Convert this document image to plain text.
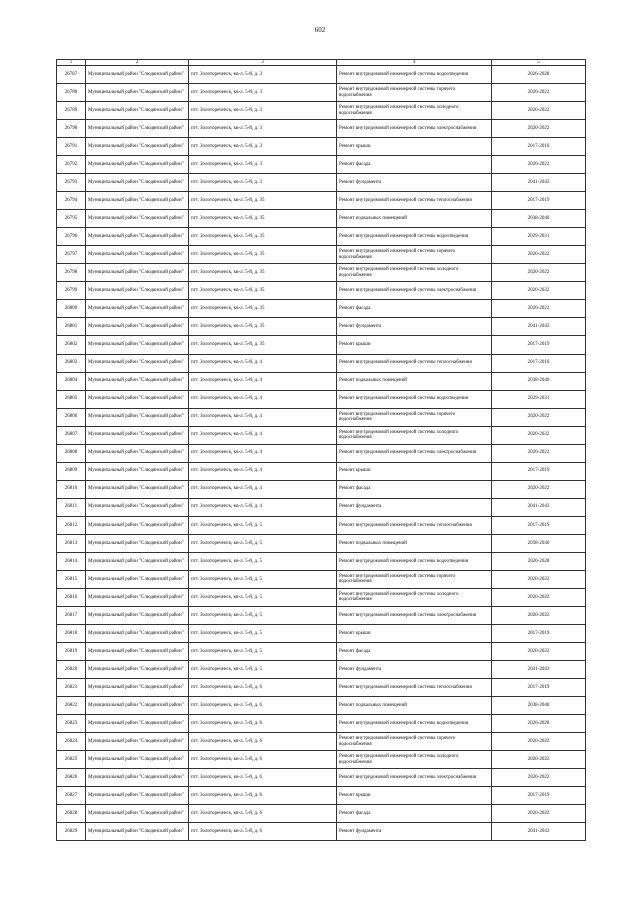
602
1	2	3	4	5
26787	Муниципальный район "Слюдянский район"	пгт. Золотореченск, кв-л. 5-й, д. 3	Ремонт внутридомовой инженерной системы водоотведения	2026-2028
26788	Муниципальный район "Слюдянский район"	пгт. Золотореченск, кв-л. 5-й, д. 3	Ремонт внутридомовой инженерной системы горячего водоснабжения	2020-2022
26789	Муниципальный район "Слюдянский район"	пгт. Золотореченск, кв-л. 5-й, д. 3	Ремонт внутридомовой инженерной системы холодного водоснабжения	2020-2022
26790	Муниципальный район "Слюдянский район"	пгт. Золотореченск, кв-л. 5-й, д. 3	Ремонт внутридомовой инженерной системы электроснабжения	2020-2022
26791	Муниципальный район "Слюдянский район"	пгт. Золотореченск, кв-л. 5-й, д. 3	Ремонт крыши	2017-2019
26792	Муниципальный район "Слюдянский район"	пгт. Золотореченск, кв-л. 5-й, д. 3	Ремонт фасада	2020-2022
26793	Муниципальный район "Слюдянский район"	пгт. Золотореченск, кв-л. 5-й, д. 3	Ремонт фундамента	2041-2043
26794	Муниципальный район "Слюдянский район"	пгт. Золотореченск, кв-л. 5-й, д. 35	Ремонт внутридомовой инженерной системы теплоснабжения	2017-2019
26795	Муниципальный район "Слюдянский район"	пгт. Золотореченск, кв-л. 5-й, д. 35	Ремонт подвальных помещений	2038-2040
26796	Муниципальный район "Слюдянский район"	пгт. Золотореченск, кв-л. 5-й, д. 35	Ремонт внутридомовой инженерной системы водоотведения	2029-2031
26797	Муниципальный район "Слюдянский район"	пгт. Золотореченск, кв-л. 5-й, д. 35	Ремонт внутридомовой инженерной системы горячего водоснабжения	2020-2022
26798	Муниципальный район "Слюдянский район"	пгт. Золотореченск, кв-л. 5-й, д. 35	Ремонт внутридомовой инженерной системы холодного водоснабжения	2020-2022
26799	Муниципальный район "Слюдянский район"	пгт. Золотореченск, кв-л. 5-й, д. 35	Ремонт внутридомовой инженерной системы электроснабжения	2020-2022
26800	Муниципальный район "Слюдянский район"	пгт. Золотореченск, кв-л. 5-й, д. 35	Ремонт фасада	2020-2022
26801	Муниципальный район "Слюдянский район"	пгт. Золотореченск, кв-л. 5-й, д. 35	Ремонт фундамента	2041-2043
26802	Муниципальный район "Слюдянский район"	пгт. Золотореченск, кв-л. 5-й, д. 35	Ремонт крыши	2017-2019
26803	Муниципальный район "Слюдянский район"	пгт. Золотореченск, кв-л. 5-й, д. 4	Ремонт внутридомовой инженерной системы теплоснабжения	2017-2019
26804	Муниципальный район "Слюдянский район"	пгт. Золотореченск, кв-л. 5-й, д. 4	Ремонт подвальных помещений	2038-2040
26805	Муниципальный район "Слюдянский район"	пгт. Золотореченск, кв-л. 5-й, д. 4	Ремонт внутридомовой инженерной системы водоотведения	2029-2031
26806	Муниципальный район "Слюдянский район"	пгт. Золотореченск, кв-л. 5-й, д. 4	Ремонт внутридомовой инженерной системы горячего водоснабжения	2020-2022
26807	Муниципальный район "Слюдянский район"	пгт. Золотореченск, кв-л. 5-й, д. 4	Ремонт внутридомовой инженерной системы холодного водоснабжения	2020-2022
26808	Муниципальный район "Слюдянский район"	пгт. Золотореченск, кв-л. 5-й, д. 4	Ремонт внутридомовой инженерной системы электроснабжения	2020-2022
26809	Муниципальный район "Слюдянский район"	пгт. Золотореченск, кв-л. 5-й, д. 4	Ремонт крыши	2017-2019
26810	Муниципальный район "Слюдянский район"	пгт. Золотореченск, кв-л. 5-й, д. 4	Ремонт фасада	2020-2022
26811	Муниципальный район "Слюдянский район"	пгт. Золотореченск, кв-л. 5-й, д. 4	Ремонт фундамента	2041-2043
26812	Муниципальный район "Слюдянский район"	пгт. Золотореченск, кв-л. 5-й, д. 5	Ремонт внутридомовой инженерной системы теплоснабжения	2017-2019
26813	Муниципальный район "Слюдянский район"	пгт. Золотореченск, кв-л. 5-й, д. 5	Ремонт подвальных помещений	2038-2040
26814	Муниципальный район "Слюдянский район"	пгт. Золотореченск, кв-л. 5-й, д. 5	Ремонт внутридомовой инженерной системы водоотведения	2026-2028
26815	Муниципальный район "Слюдянский район"	пгт. Золотореченск, кв-л. 5-й, д. 5	Ремонт внутридомовой инженерной системы горячего водоснабжения	2020-2022
26816	Муниципальный район "Слюдянский район"	пгт. Золотореченск, кв-л. 5-й, д. 5	Ремонт внутридомовой инженерной системы холодного водоснабжения	2020-2022
26817	Муниципальный район "Слюдянский район"	пгт. Золотореченск, кв-л. 5-й, д. 5	Ремонт внутридомовой инженерной системы электроснабжения	2020-2022
26818	Муниципальный район "Слюдянский район"	пгт. Золотореченск, кв-л. 5-й, д. 5	Ремонт крыши	2017-2019
26819	Муниципальный район "Слюдянский район"	пгт. Золотореченск, кв-л. 5-й, д. 5	Ремонт фасада	2020-2022
26820	Муниципальный район "Слюдянский район"	пгт. Золотореченск, кв-л. 5-й, д. 5	Ремонт фундамента	2041-2043
26821	Муниципальный район "Слюдянский район"	пгт. Золотореченск, кв-л. 5-й, д. 6	Ремонт внутридомовой инженерной системы теплоснабжения	2017-2019
26822	Муниципальный район "Слюдянский район"	пгт. Золотореченск, кв-л. 5-й, д. 6	Ремонт подвальных помещений	2038-2040
26823	Муниципальный район "Слюдянский район"	пгт. Золотореченск, кв-л. 5-й, д. 6	Ремонт внутридомовой инженерной системы водоотведения	2026-2028
26824	Муниципальный район "Слюдянский район"	пгт. Золотореченск, кв-л. 5-й, д. 6	Ремонт внутридомовой инженерной системы горячего водоснабжения	2020-2022
26825	Муниципальный район "Слюдянский район"	пгт. Золотореченск, кв-л. 5-й, д. 6	Ремонт внутридомовой инженерной системы холодного водоснабжения	2020-2022
26826	Муниципальный район "Слюдянский район"	пгт. Золотореченск, кв-л. 5-й, д. 6	Ремонт внутридомовой инженерной системы электроснабжения	2020-2022
26827	Муниципальный район "Слюдянский район"	пгт. Золотореченск, кв-л. 5-й, д. 6	Ремонт крыши	2017-2019
26828	Муниципальный район "Слюдянский район"	пгт. Золотореченск, кв-л. 5-й, д. 6	Ремонт фасада	2020-2022
26829	Муниципальный район "Слюдянский район"	пгт. Золотореченск, кв-л. 5-й, д. 6	Ремонт фундамента	2041-2043
